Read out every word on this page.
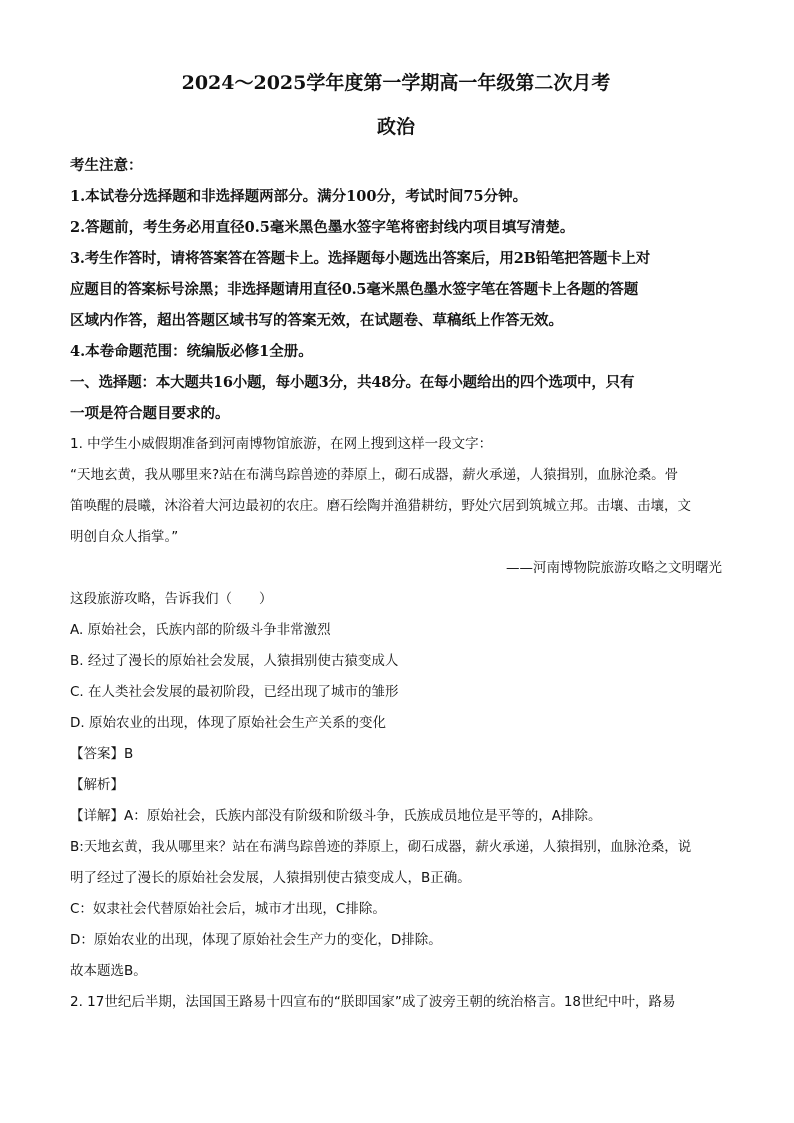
2024～2025学年度第一学期高一年级第二次月考
政治
考生注意：
1.本试卷分选择题和非选择题两部分。满分100分，考试时间75分钟。
2.答题前，考生务必用直径0.5毫米黑色墨水签字笔将密封线内项目填写清楚。
3.考生作答时，请将答案答在答题卡上。选择题每小题选出答案后，用2B铅笔把答题卡上对
应题目的答案标号涂黑；非选择题请用直径0.5毫米黑色墨水签字笔在答题卡上各题的答题
区域内作答，超出答题区域书写的答案无效，在试题卷、草稿纸上作答无效。
4.本卷命题范围：统编版必修1全册。
一、选择题：本大题共16小题，每小题3分，共48分。在每小题给出的四个选项中，只有
一项是符合题目要求的。
1. 中学生小威假期准备到河南博物馆旅游，在网上搜到这样一段文字：
“天地玄黄，我从哪里来?站在布满鸟踪兽迹的莽原上，砌石成器，薪火承递，人猿揖别，血脉沧桑。骨
笛唤醒的晨曦，沐浴着大河边最初的农庄。磨石绘陶并渔猎耕纺，野处穴居到筑城立邦。击壤、击壤，文
明创自众人指掌。”
——河南博物院旅游攻略之文明曙光
这段旅游攻略，告诉我们（　　）
A. 原始社会，氏族内部的阶级斗争非常激烈
B. 经过了漫长的原始社会发展，人猿揖别使古猿变成人
C. 在人类社会发展的最初阶段，已经出现了城市的雏形
D. 原始农业的出现，体现了原始社会生产关系的变化
【答案】B
【解析】
【详解】A：原始社会，氏族内部没有阶级和阶级斗争，氏族成员地位是平等的，A排除。
B:天地玄黄，我从哪里来？站在布满鸟踪兽迹的莽原上，砌石成器，薪火承递，人猿揖别，血脉沧桑，说
明了经过了漫长的原始社会发展，人猿揖别使古猿变成人，B正确。
C：奴隶社会代替原始社会后，城市才出现，C排除。
D：原始农业的出现，体现了原始社会生产力的变化，D排除。
故本题选B。
2. 17世纪后半期，法国国王路易十四宣布的“朕即国家”成了波旁王朝的统治格言。18世纪中叶，路易
